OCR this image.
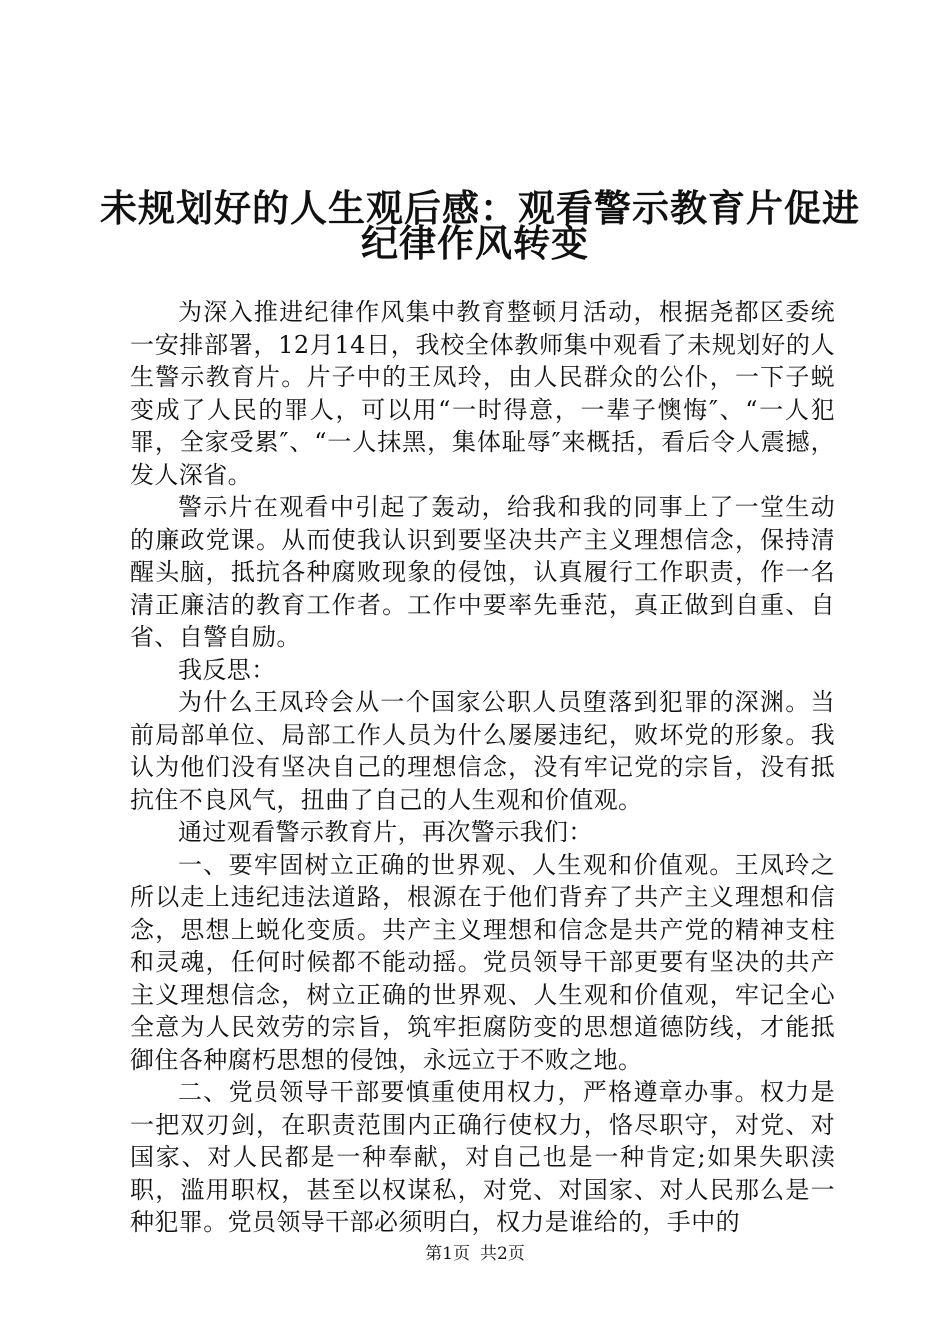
未规划好的人生观后感：观看警示教育片促进
纪律作风转变

为深入推进纪律作风集中教育整顿月活动，根据尧都区委统一安排部署，12月14日，我校全体教师集中观看了未规划好的人生警示教育片。片子中的王凤玲，由人民群众的公仆，一下子蜕变成了人民的罪人，可以用“一时得意，一辈子懊悔″、“一人犯罪，全家受累″、“一人抹黑，集体耻辱″来概括，看后令人震撼，发人深省。

警示片在观看中引起了轰动，给我和我的同事上了一堂生动的廉政党课。从而使我认识到要坚决共产主义理想信念，保持清醒头脑，抵抗各种腐败现象的侵蚀，认真履行工作职责，作一名清正廉洁的教育工作者。工作中要率先垂范，真正做到自重、自省、自警自励。

我反思：

为什么王凤玲会从一个国家公职人员堕落到犯罪的深渊。当前局部单位、局部工作人员为什么屡屡违纪，败坏党的形象。我认为他们没有坚决自己的理想信念，没有牢记党的宗旨，没有抵抗住不良风气，扭曲了自己的人生观和价值观。

通过观看警示教育片，再次警示我们：

一、要牢固树立正确的世界观、人生观和价值观。王凤玲之所以走上违纪违法道路，根源在于他们背弃了共产主义理想和信念，思想上蜕化变质。共产主义理想和信念是共产党的精神支柱和灵魂，任何时候都不能动摇。党员领导干部更要有坚决的共产主义理想信念，树立正确的世界观、人生观和价值观，牢记全心全意为人民效劳的宗旨，筑牢拒腐防变的思想道德防线，才能抵御住各种腐朽思想的侵蚀，永远立于不败之地。

二、党员领导干部要慎重使用权力，严格遵章办事。权力是一把双刃剑，在职责范围内正确行使权力，恪尽职守，对党、对国家、对人民都是一种奉献，对自己也是一种肯定;如果失职渎职，滥用职权，甚至以权谋私，对党、对国家、对人民那么是一种犯罪。党员领导干部必须明白，权力是谁给的，手中的

第1页 共2页
